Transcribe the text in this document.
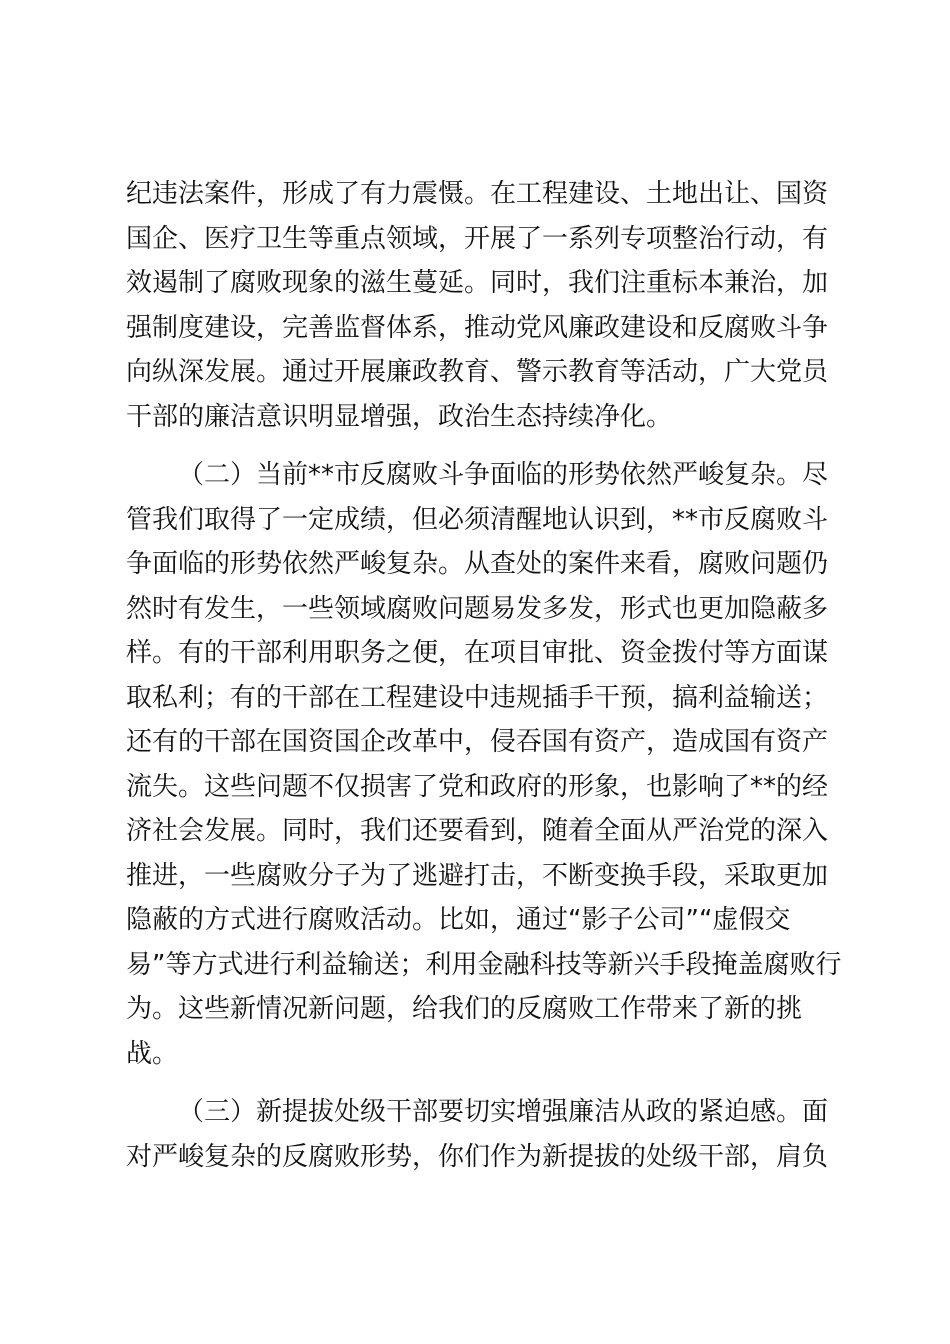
纪违法案件，形成了有力震慑。在工程建设、土地出让、国资
国企、医疗卫生等重点领域，开展了一系列专项整治行动，有
效遏制了腐败现象的滋生蔓延。同时，我们注重标本兼治，加
强制度建设，完善监督体系，推动党风廉政建设和反腐败斗争
向纵深发展。通过开展廉政教育、警示教育等活动，广大党员
干部的廉洁意识明显增强，政治生态持续净化。
（二）当前**市反腐败斗争面临的形势依然严峻复杂。尽
管我们取得了一定成绩，但必须清醒地认识到，**市反腐败斗
争面临的形势依然严峻复杂。从查处的案件来看，腐败问题仍
然时有发生，一些领域腐败问题易发多发，形式也更加隐蔽多
样。有的干部利用职务之便，在项目审批、资金拨付等方面谋
取私利；有的干部在工程建设中违规插手干预，搞利益输送；
还有的干部在国资国企改革中，侵吞国有资产，造成国有资产
流失。这些问题不仅损害了党和政府的形象，也影响了**的经
济社会发展。同时，我们还要看到，随着全面从严治党的深入
推进，一些腐败分子为了逃避打击，不断变换手段，采取更加
隐蔽的方式进行腐败活动。比如，通过“影子公司”“虚假交
易”等方式进行利益输送；利用金融科技等新兴手段掩盖腐败行
为。这些新情况新问题，给我们的反腐败工作带来了新的挑
战。
（三）新提拔处级干部要切实增强廉洁从政的紧迫感。面
对严峻复杂的反腐败形势，你们作为新提拔的处级干部，肩负
